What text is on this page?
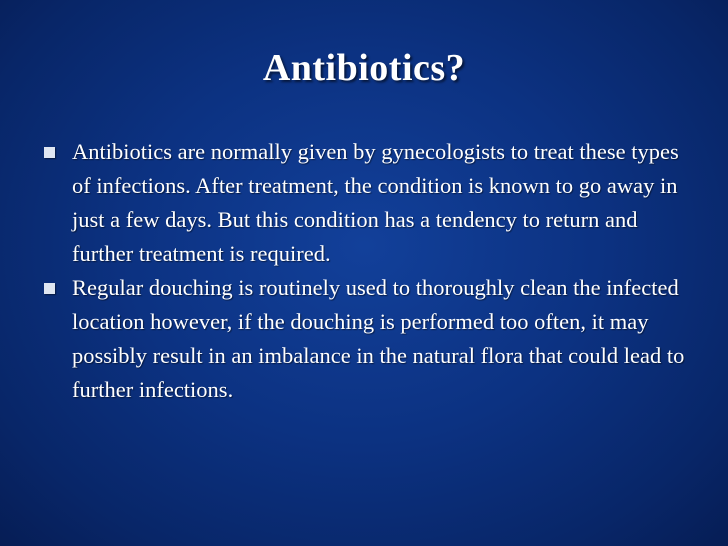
Antibiotics?
Antibiotics are normally given by gynecologists to treat these types of infections. After treatment, the condition is known to go away in just a few days. But this condition has a tendency to return and further treatment is required.
Regular douching is routinely used to thoroughly clean the infected location however, if the douching is performed too often, it may possibly result in an imbalance in the natural flora that could lead to further infections.
